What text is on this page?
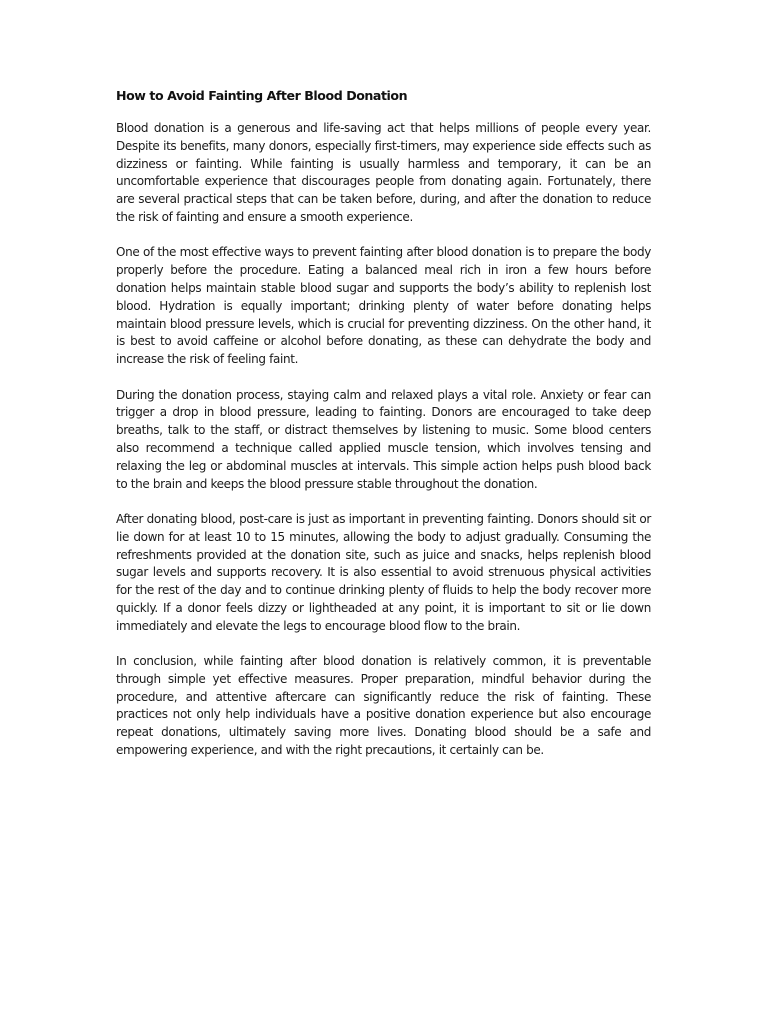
How to Avoid Fainting After Blood Donation

Blood donation is a generous and life-saving act that helps millions of people every year. Despite its benefits, many donors, especially first-timers, may experience side effects such as dizziness or fainting. While fainting is usually harmless and temporary, it can be an uncomfortable experience that discourages people from donating again. Fortunately, there are several practical steps that can be taken before, during, and after the donation to reduce the risk of fainting and ensure a smooth experience.

One of the most effective ways to prevent fainting after blood donation is to prepare the body properly before the procedure. Eating a balanced meal rich in iron a few hours before donation helps maintain stable blood sugar and supports the body’s ability to replenish lost blood. Hydration is equally important; drinking plenty of water before donating helps maintain blood pressure levels, which is crucial for preventing dizziness. On the other hand, it is best to avoid caffeine or alcohol before donating, as these can dehydrate the body and increase the risk of feeling faint.

During the donation process, staying calm and relaxed plays a vital role. Anxiety or fear can trigger a drop in blood pressure, leading to fainting. Donors are encouraged to take deep breaths, talk to the staff, or distract themselves by listening to music. Some blood centers also recommend a technique called applied muscle tension, which involves tensing and relaxing the leg or abdominal muscles at intervals. This simple action helps push blood back to the brain and keeps the blood pressure stable throughout the donation.

After donating blood, post-care is just as important in preventing fainting. Donors should sit or lie down for at least 10 to 15 minutes, allowing the body to adjust gradually. Consuming the refreshments provided at the donation site, such as juice and snacks, helps replenish blood sugar levels and supports recovery. It is also essential to avoid strenuous physical activities for the rest of the day and to continue drinking plenty of fluids to help the body recover more quickly. If a donor feels dizzy or lightheaded at any point, it is important to sit or lie down immediately and elevate the legs to encourage blood flow to the brain.

In conclusion, while fainting after blood donation is relatively common, it is preventable through simple yet effective measures. Proper preparation, mindful behavior during the procedure, and attentive aftercare can significantly reduce the risk of fainting. These practices not only help individuals have a positive donation experience but also encourage repeat donations, ultimately saving more lives. Donating blood should be a safe and empowering experience, and with the right precautions, it certainly can be.
